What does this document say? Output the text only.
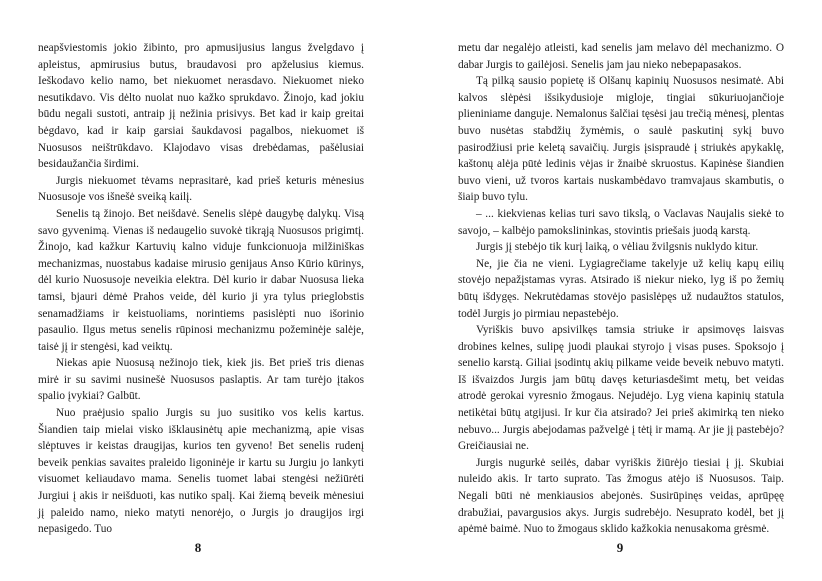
neapšviestomis jokio žibinto, pro apmusijusius langus žvelgdavo į apleistus, apmirusius butus, braudavosi pro apželusius kiemus. Ieškodavo kelio namo, bet niekuomet nerasdavo. Niekuomet nieko nesutikdavo. Vis dėlto nuolat nuo kažko sprukdavo. Žinojo, kad jokiu būdu negali sustoti, antraip jį nežinia prisivys. Bet kad ir kaip greitai bėgdavo, kad ir kaip garsiai šaukdavosi pagalbos, niekuomet iš Nuosusos neištrūkdavo. Klajodavo visas drebėdamas, pašėlusiai besidaužančia širdimi.

Jurgis niekuomet tėvams neprasitarė, kad prieš keturis mėnesius Nuosusoje vos išnešė sveiką kailį.

Senelis tą žinojo. Bet neišdavė. Senelis slėpė daugybę dalykų. Visą savo gyvenimą. Vienas iš nedaugelio suvokė tikrąją Nuosusos prigimtį. Žinojo, kad kažkur Kartuvių kalno viduje funkcionuoja milžiniškas mechanizmas, nuostabus kadaise mirusio genijaus Anso Kūrio kūrinys, dėl kurio Nuosusoje neveikia elektra. Dėl kurio ir dabar Nuosusa lieka tamsi, bjauri dėmė Prahos veide, dėl kurio ji yra tylus prieglobstis senamadžiams ir keistuoliams, norintiems pasislėpti nuo išorinio pasaulio. Ilgus metus senelis rūpinosi mechanizmu požeminėje salėje, taisė jį ir stengėsi, kad veiktų.

Niekas apie Nuosusą nežinojo tiek, kiek jis. Bet prieš tris dienas mirė ir su savimi nusinešė Nuosusos paslaptis. Ar tam turėjo įtakos spalio įvykiai? Galbūt.

Nuo praėjusio spalio Jurgis su juo susitiko vos kelis kartus. Šiandien taip mielai visko išklausinėtų apie mechanizmą, apie visas slėptuves ir keistas draugijas, kurios ten gyveno! Bet senelis rudenį beveik penkias savaites praleido ligoninėje ir kartu su Jurgiu jo lankyti visuomet keliaudavo mama. Senelis tuomet labai stengėsi nežiūrėti Jurgiui į akis ir neišduoti, kas nutiko spalį. Kai žiemą beveik mėnesiui jį paleido namo, nieko matyti nenorėjo, o Jurgis jo draugijos irgi nepasigedo. Tuo

8

metu dar negalėjo atleisti, kad senelis jam melavo dėl mechanizmo. O dabar Jurgis to gailėjosi. Senelis jam jau nieko nebepapasakos.

Tą pilką sausio popietę iš Olšanų kapinių Nuosusos nesimatė. Abi kalvos slėpėsi išsikydusioje migloje, tingiai sūkuriuojančioje plieniniame danguje. Nemalonus šalčiai tęsėsi jau trečią mėnesį, plentas buvo nusėtas stabdžių žymėmis, o saulė paskutinį sykį buvo pasirodžiusi prie keletą savaičių. Jurgis įsisprаudė į striukės apykaklę, kaštonų alėja pūtė ledinis vėjas ir žnaibė skruostus. Kapinėse šiandien buvo vieni, už tvoros kartais nuskambėdavo tramvajaus skambutis, o šiaip buvo tylu.

– ... kiekvienas kelias turi savo tikslą, o Vaclavas Naujalis siekė to savojo, – kalbėjo pamokslininkas, stovintis priešais juodą karstą.

Jurgis jį stebėjo tik kurį laiką, o vėliau žvilgsnis nuklydo kitur.

Ne, jie čia ne vieni. Lygiagrečiame takelyje už kelių kapų eilių stovėjo nepažįstamas vyras. Atsirado iš niekur nieko, lyg iš po žemių būtų išdygęs. Nekrutėdamas stovėjo pasislėpęs už nudaužtos statulos, todėl Jurgis jo pirmiau nepastebėjo.

Vyriškis buvo apsivilkęs tamsia striuke ir apsimovęs laisvas drobines kelnes, sulipę juodi plaukai styrojo į visas puses. Spoksojo į senelio karstą. Giliai įsodintų akių pilkame veide beveik nebuvo matyti. Iš išvaizdos Jurgis jam būtų davęs keturiasdešimt metų, bet veidas atrodė gerokai vyresnio žmogaus. Nejudėjo. Lyg viena kapinių statula netikėtai būtų atgijusi. Ir kur čia atsirado? Jei prieš akimirką ten nieko nebuvo... Jurgis abejodamas pažvelgė į tėtį ir mamą. Ar jie jį pastebėjo? Greičiausiai ne.

Jurgis nugurkė seilės, dabar vyriškis žiūrėjo tiesiai į jį. Skubiai nuleido akis. Ir tarto suprato. Tas žmogus atėjo iš Nuosusos. Taip. Negali būti nė menkiausios abejonės. Susirūpinęs veidas, aprūpęę drabužiai, pavargusios akys. Jurgis sudrebėjo. Nesuprato kodėl, bet jį apėmė baimė. Nuo to žmogaus sklido kažkokia nenusakoma grėsmė.

9
